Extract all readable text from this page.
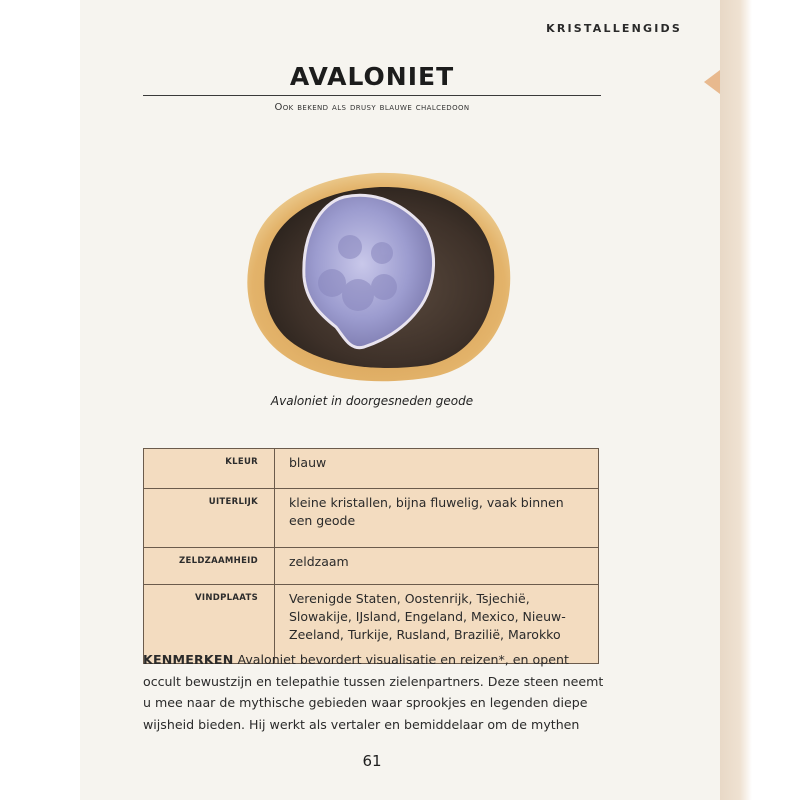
KRISTALLENGIDS
AVALONIET
Ook bekend als drusy blauwe chalcedoon
Avaloniet in doorgesneden geode
KLEUR	blauw
UITERLIJK	kleine kristallen, bijna fluwelig, vaak binnen een geode
ZELDZAAMHEID	zeldzaam
VINDPLAATS	Verenigde Staten, Oostenrijk, Tsjechië, Slowakije, IJsland, Engeland, Mexico, Nieuw-Zeeland, Turkije, Rusland, Brazilië, Marokko
KENMERKEN Avaloniet bevordert visualisatie en reizen*, en opent occult bewustzijn en telepathie tussen zielenpartners. Deze steen neemt u mee naar de mythische gebieden waar sprookjes en legenden diepe wijsheid bieden. Hij werkt als vertaler en bemiddelaar om de mythen
61
